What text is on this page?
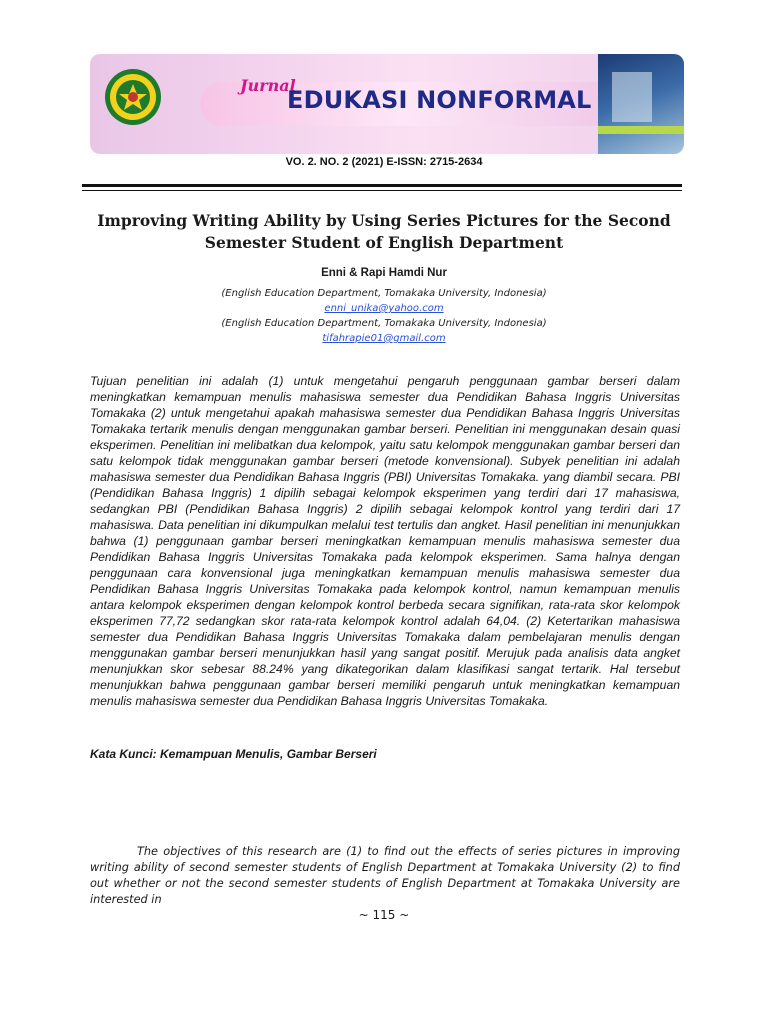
Jurnal
EDUKASI NONFORMAL
VO. 2. NO. 2 (2021) E-ISSN: 2715-2634
Improving Writing Ability by Using Series Pictures for the Second Semester Student of English Department
Enni & Rapi Hamdi Nur
(English Education Department, Tomakaka University, Indonesia)
enni_unika@yahoo.com
(English Education Department, Tomakaka University, Indonesia)
tifahrapie01@gmail.com
Tujuan penelitian ini adalah (1) untuk mengetahui pengaruh penggunaan gambar berseri dalam meningkatkan kemampuan menulis mahasiswa semester dua Pendidikan Bahasa Inggris Universitas Tomakaka (2) untuk mengetahui apakah mahasiswa semester dua Pendidikan Bahasa Inggris Universitas Tomakaka tertarik menulis dengan menggunakan gambar berseri. Penelitian ini menggunakan desain quasi eksperimen. Penelitian ini melibatkan dua kelompok, yaitu satu kelompok menggunakan gambar berseri dan satu kelompok tidak menggunakan gambar berseri (metode konvensional). Subyek penelitian ini adalah mahasiswa semester dua Pendidikan Bahasa Inggris (PBI) Universitas Tomakaka. yang diambil secara. PBI (Pendidikan Bahasa Inggris) 1 dipilih sebagai kelompok eksperimen yang terdiri dari 17 mahasiswa, sedangkan PBI (Pendidikan Bahasa Inggris) 2 dipilih sebagai kelompok kontrol yang terdiri dari 17 mahasiswa. Data penelitian ini dikumpulkan melalui test tertulis dan angket. Hasil penelitian ini menunjukkan bahwa (1) penggunaan gambar berseri meningkatkan kemampuan menulis mahasiswa semester dua Pendidikan Bahasa Inggris Universitas Tomakaka pada kelompok eksperimen. Sama halnya dengan penggunaan cara konvensional juga meningkatkan kemampuan menulis mahasiswa semester dua Pendidikan Bahasa Inggris Universitas Tomakaka pada kelompok kontrol, namun kemampuan menulis antara kelompok eksperimen dengan kelompok kontrol berbeda secara signifikan, rata-rata skor kelompok eksperimen 77,72 sedangkan skor rata-rata kelompok kontrol adalah 64,04. (2) Ketertarikan mahasiswa semester dua Pendidikan Bahasa Inggris Universitas Tomakaka dalam pembelajaran menulis dengan menggunakan gambar berseri menunjukkan hasil yang sangat positif. Merujuk pada analisis data angket menunjukkan skor sebesar 88.24% yang dikategorikan dalam klasifikasi sangat tertarik. Hal tersebut menunjukkan bahwa penggunaan gambar berseri memiliki pengaruh untuk meningkatkan kemampuan menulis mahasiswa semester dua Pendidikan Bahasa Inggris Universitas Tomakaka.
Kata Kunci: Kemampuan Menulis, Gambar Berseri
The objectives of this research are (1) to find out the effects of series pictures in improving writing ability of second semester students of English Department at Tomakaka University (2) to find out whether or not the second semester students of English Department at Tomakaka University are interested in
~ 115 ~
